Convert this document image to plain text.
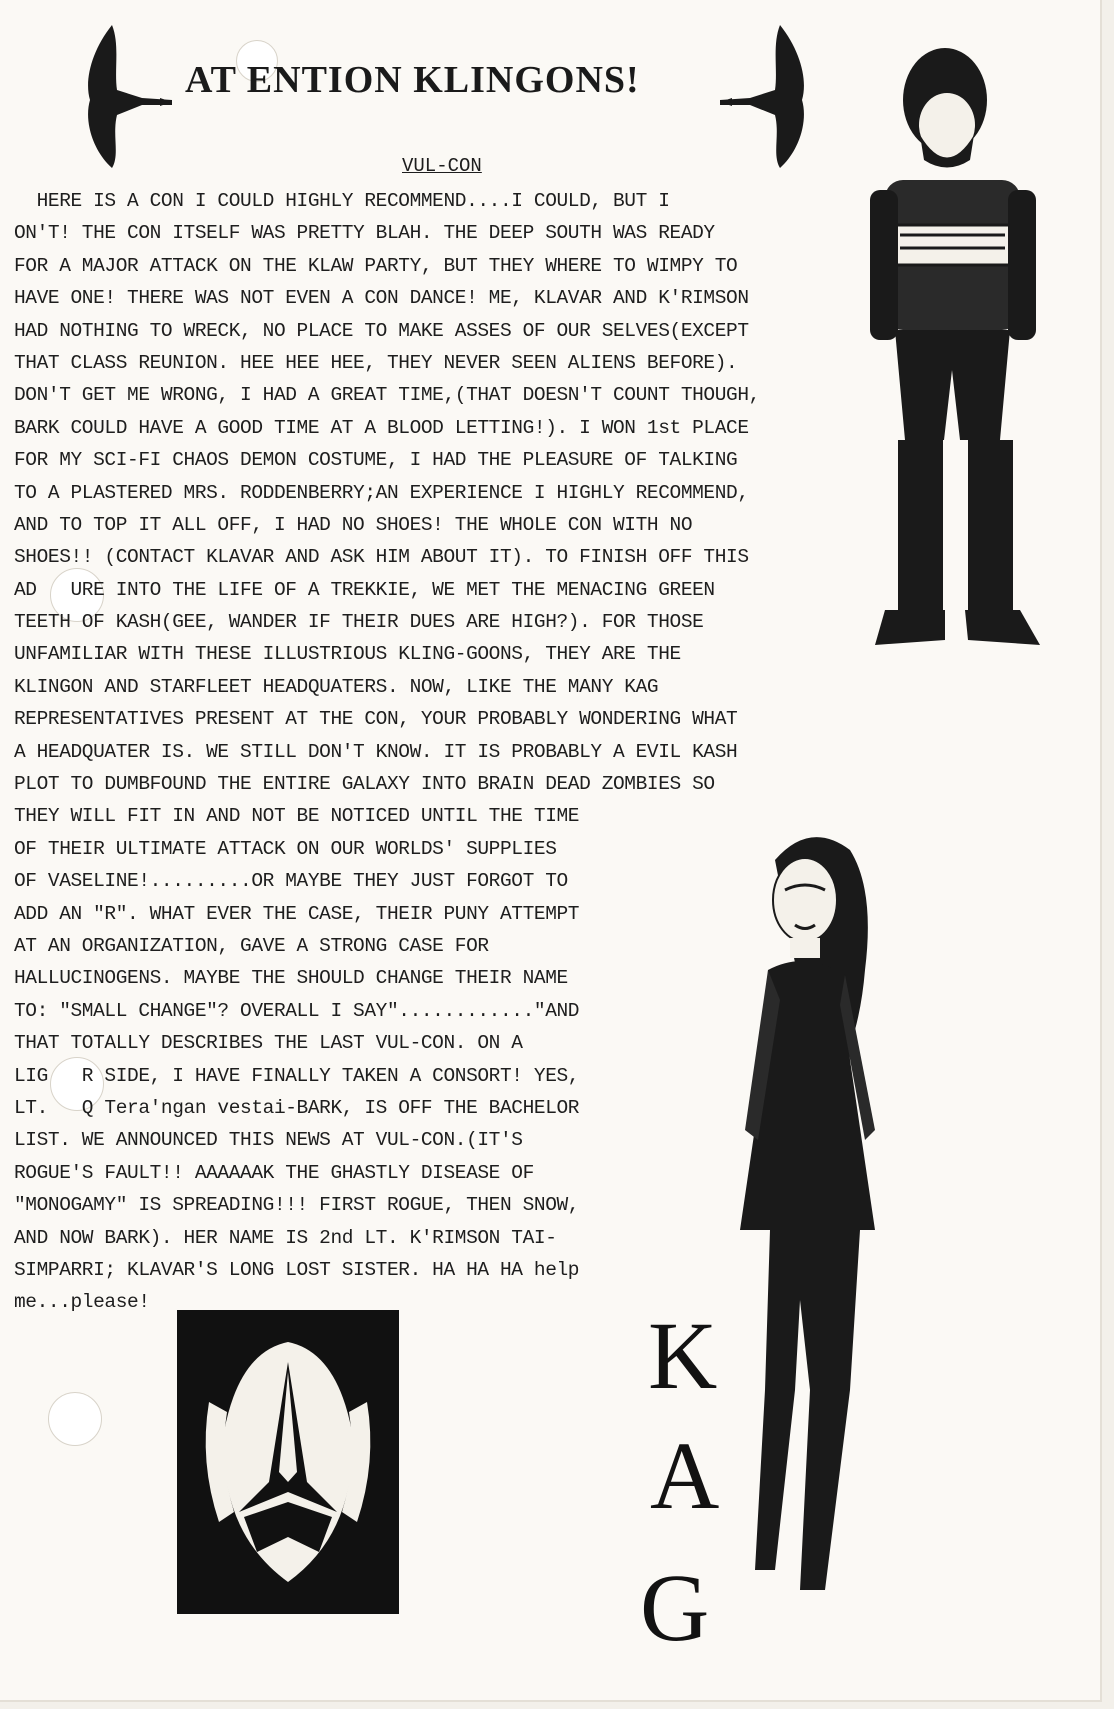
AT ENTION KLINGONS!
VUL-CON
HERE IS A CON I COULD HIGHLY RECOMMEND....I COULD, BUT I
ON'T! THE CON ITSELF WAS PRETTY BLAH. THE DEEP SOUTH WAS READY
FOR A MAJOR ATTACK ON THE KLAW PARTY, BUT THEY WHERE TO WIMPY TO
HAVE ONE! THERE WAS NOT EVEN A CON DANCE! ME, KLAVAR AND K'RIMSON
HAD NOTHING TO WRECK, NO PLACE TO MAKE ASSES OF OUR SELVES(EXCEPT
THAT CLASS REUNION. HEE HEE HEE, THEY NEVER SEEN ALIENS BEFORE).
DON'T GET ME WRONG, I HAD A GREAT TIME,(THAT DOESN'T COUNT THOUGH,
BARK COULD HAVE A GOOD TIME AT A BLOOD LETTING!). I WON 1st PLACE
FOR MY SCI-FI CHAOS DEMON COSTUME, I HAD THE PLEASURE OF TALKING
TO A PLASTERED MRS. RODDENBERRY;AN EXPERIENCE I HIGHLY RECOMMEND,
AND TO TOP IT ALL OFF, I HAD NO SHOES! THE WHOLE CON WITH NO
SHOES!! (CONTACT KLAVAR AND ASK HIM ABOUT IT). TO FINISH OFF THIS
AD   URE INTO THE LIFE OF A TREKKIE, WE MET THE MENACING GREEN
TEETH OF KASH(GEE, WANDER IF THEIR DUES ARE HIGH?). FOR THOSE
UNFAMILIAR WITH THESE ILLUSTRIOUS KLING-GOONS, THEY ARE THE
KLINGON AND STARFLEET HEADQUATERS. NOW, LIKE THE MANY KAG
REPRESENTATIVES PRESENT AT THE CON, YOUR PROBABLY WONDERING WHAT
A HEADQUATER IS. WE STILL DON'T KNOW. IT IS PROBABLY A EVIL KASH
PLOT TO DUMBFOUND THE ENTIRE GALAXY INTO BRAIN DEAD ZOMBIES SO
THEY WILL FIT IN AND NOT BE NOTICED UNTIL THE TIME
OF THEIR ULTIMATE ATTACK ON OUR WORLDS' SUPPLIES
OF VASELINE!.........OR MAYBE THEY JUST FORGOT TO
ADD AN "R". WHAT EVER THE CASE, THEIR PUNY ATTEMPT
AT AN ORGANIZATION, GAVE A STRONG CASE FOR
HALLUCINOGENS. MAYBE THE SHOULD CHANGE THEIR NAME
TO: "SMALL CHANGE"? OVERALL I SAY"............"AND
THAT TOTALLY DESCRIBES THE LAST VUL-CON. ON A
LIG   R SIDE, I HAVE FINALLY TAKEN A CONSORT! YES,
LT.   Q Tera'ngan vestai-BARK, IS OFF THE BACHELOR
LIST. WE ANNOUNCED THIS NEWS AT VUL-CON.(IT'S
ROGUE'S FAULT!! AAAAAAK THE GHASTLY DISEASE OF
"MONOGAMY" IS SPREADING!!! FIRST ROGUE, THEN SNOW,
AND NOW BARK). HER NAME IS 2nd LT. K'RIMSON TAI-
SIMPARRI; KLAVAR'S LONG LOST SISTER. HA HA HA help
me...please!	K
A
G
